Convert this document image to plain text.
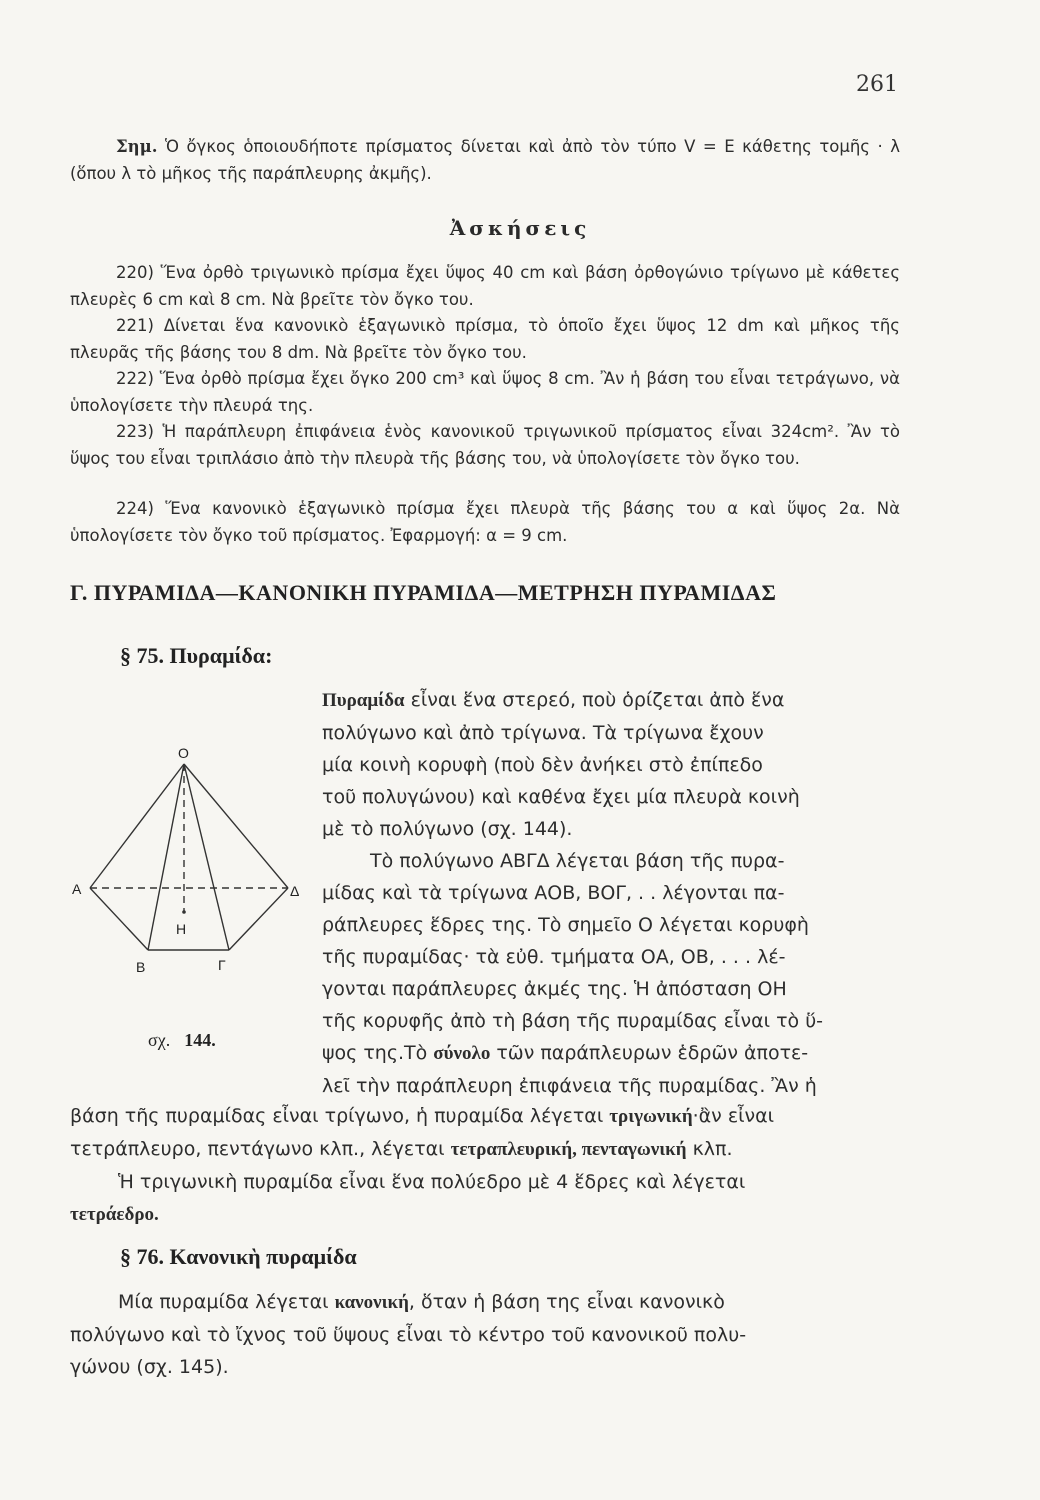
261
Σημ. Ὁ ὄγκος ὁποιουδήποτε πρίσματος δίνεται καὶ ἀπὸ τὸν τύπο V = E κάθετης τομῆς · λ (ὅπου λ τὸ μῆκος τῆς παράπλευρης ἀκμῆς).
Ἀσκήσεις
220) Ἕνα ὀρθὸ τριγωνικὸ πρίσμα ἔχει ὕψος 40 cm καὶ βάση ὀρθογώνιο τρίγωνο μὲ κάθετες πλευρὲς 6 cm καὶ 8 cm. Νὰ βρεῖτε τὸν ὄγκο του.
221) Δίνεται ἕνα κανονικὸ ἑξαγωνικὸ πρίσμα, τὸ ὁποῖο ἔχει ὕψος 12 dm καὶ μῆκος τῆς πλευρᾶς τῆς βάσης του 8 dm. Νὰ βρεῖτε τὸν ὄγκο του.
222) Ἕνα ὀρθὸ πρίσμα ἔχει ὄγκο 200 cm³ καὶ ὕψος 8 cm. Ἂν ἡ βάση του εἶναι τετράγωνο, νὰ ὑπολογίσετε τὴν πλευρά της.
223) Ἡ παράπλευρη ἐπιφάνεια ἑνὸς κανονικοῦ τριγωνικοῦ πρίσματος εἶναι 324cm². Ἂν τὸ ὕψος του εἶναι τριπλάσιο ἀπὸ τὴν πλευρὰ τῆς βάσης του, νὰ ὑπολογίσετε τὸν ὄγκο του.
224) Ἕνα κανονικὸ ἑξαγωνικὸ πρίσμα ἔχει πλευρὰ τῆς βάσης του α καὶ ὕψος 2α. Νὰ ὑπολογίσετε τὸν ὄγκο τοῦ πρίσματος. Ἐφαρμογή: α = 9 cm.
Γ. ΠΥΡΑΜΙΔΑ—ΚΑΝΟΝΙΚΗ ΠΥΡΑΜΙΔΑ—ΜΕΤΡΗΣΗ ΠΥΡΑΜΙΔΑΣ
§ 75. Πυραμίδα:
Πυραμίδα εἶναι ἕνα στερεό, ποὺ ὁρίζεται ἀπὸ ἕνα
πολύγωνο καὶ ἀπὸ τρίγωνα. Τὰ τρίγωνα ἔχουν
μία κοινὴ κορυφὴ (ποὺ δὲν ἀνήκει στὸ ἐπίπεδο
τοῦ πολυγώνου) καὶ καθένα ἔχει μία πλευρὰ κοινὴ
μὲ τὸ πολύγωνο (σχ. 144).
Τὸ πολύγωνο ΑΒΓΔ λέγεται βάση τῆς πυρα-
μίδας καὶ τὰ τρίγωνα ΑΟΒ, ΒΟΓ, . . λέγονται πα-
ράπλευρες ἕδρες της. Τὸ σημεῖο Ο λέγεται κορυφὴ
τῆς πυραμίδας· τὰ εὐθ. τμήματα ΟΑ, ΟΒ, . . . λέ-
γονται παράπλευρες ἀκμές της. Ἡ ἀπόσταση ΟΗ
τῆς κορυφῆς ἀπὸ τὴ βάση τῆς πυραμίδας εἶναι τὸ ὕ-
ψος της.Τὸ σύνολο τῶν παράπλευρων ἑδρῶν ἀποτε-
λεῖ τὴν παράπλευρη ἐπιφάνεια τῆς πυραμίδας. Ἂν ἡ
βάση τῆς πυραμίδας εἶναι τρίγωνο, ἡ πυραμίδα λέγεται τριγωνική·ἂν εἶναι
τετράπλευρο, πεντάγωνο κλπ., λέγεται τετραπλευρική, πενταγωνική κλπ.
Ἡ τριγωνικὴ πυραμίδα εἶναι ἕνα πολύεδρο μὲ 4 ἕδρες καὶ λέγεται
τετράεδρο.
O
A	Δ
H
B	Γ
σχ. 144.
§ 76. Κανονικὴ πυραμίδα
Μία πυραμίδα λέγεται κανονική, ὅταν ἡ βάση της εἶναι κανονικὸ
πολύγωνο καὶ τὸ ἴχνος τοῦ ὕψους εἶναι τὸ κέντρο τοῦ κανονικοῦ πολυ-
γώνου (σχ. 145).
